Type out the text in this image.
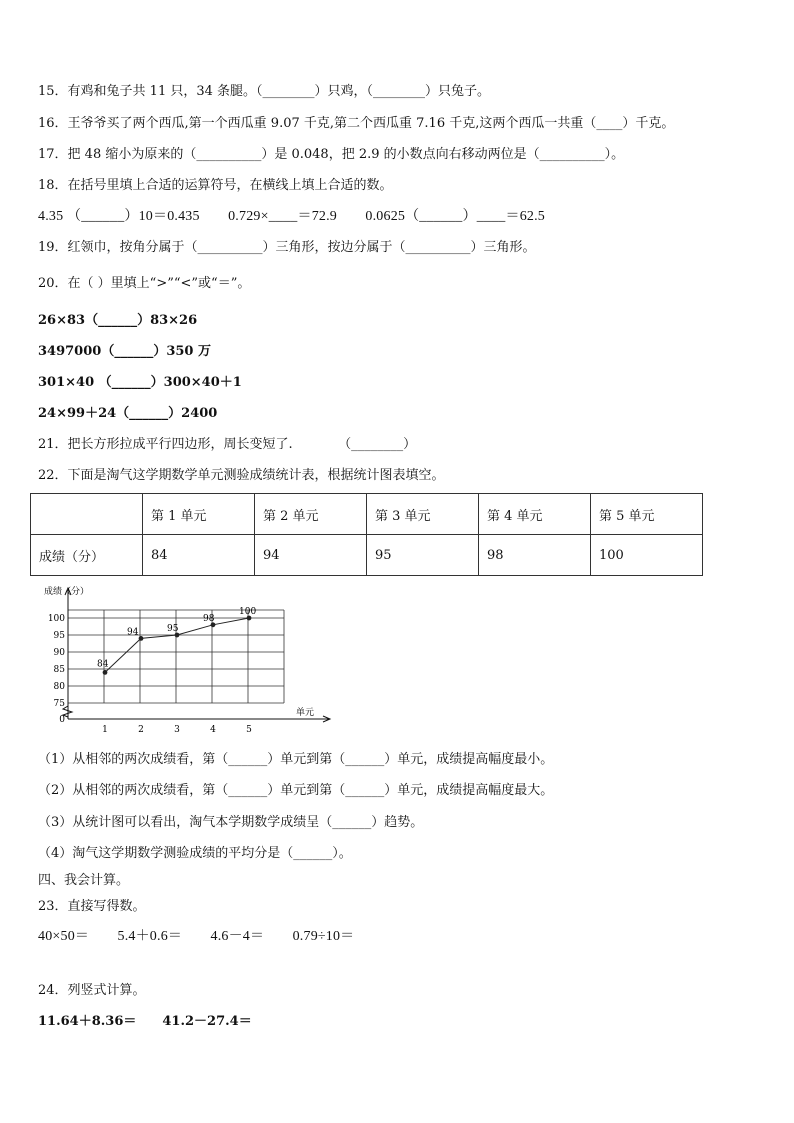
15．有鸡和兔子共 11 只，34 条腿。（________）只鸡，（________）只兔子。
16．王爷爷买了两个西瓜,第一个西瓜重 9.07 千克,第二个西瓜重 7.16 千克,这两个西瓜一共重（____）千克。
17．把 48 缩小为原来的（__________）是 0.048，把 2.9 的小数点向右移动两位是（__________）。
18．在括号里填上合适的运算符号，在横线上填上合适的数。
4.35 （______）10＝0.435　　0.729×____＝72.9　　0.0625（______）____＝62.5
19．红领巾，按角分属于（__________）三角形，按边分属于（__________）三角形。
20．在（ ）里填上“>”“<”或“＝”。
26×83（______）83×26
3497000（______）350 万
301×40 （______）300×40＋1
24×99＋24（______）2400
21．把长方形拉成平行四边形，周长变短了.　　　　（________）
22．下面是淘气这学期数学单元测验成绩统计表，根据统计图表填空。
	第 1 单元	第 2 单元	第 3 单元	第 4 单元	第 5 单元
成绩（分）	84	94	95	98	100
成绩（分）
单元
0
75
80
85
90
95
100
1	2	3	4	5
84
94	95
98
100
（1）从相邻的两次成绩看，第（______）单元到第（______）单元，成绩提高幅度最小。
（2）从相邻的两次成绩看，第（______）单元到第（______）单元，成绩提高幅度最大。
（3）从统计图可以看出，淘气本学期数学成绩呈（______）趋势。
（4）淘气这学期数学测验成绩的平均分是（______）。
四、我会计算。
23．直接写得数。
40×50＝　　5.4＋0.6＝　　4.6－4＝　　0.79÷10＝
24．列竖式计算。
11.64＋8.36＝　　41.2－27.4＝
